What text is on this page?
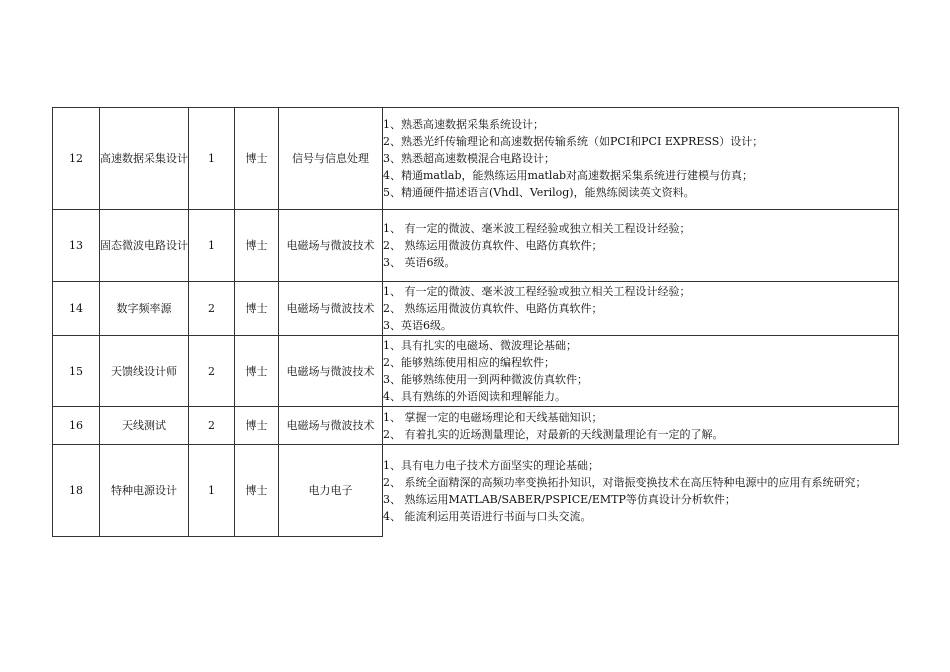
12	高速数据采集设计	1	博士	信号与信息处理	1、熟悉高速数据采集系统设计；
2、熟悉光纤传输理论和高速数据传输系统（如PCI和PCI EXPRESS）设计；
3、熟悉超高速数模混合电路设计；
4、精通matlab，能熟练运用matlab对高速数据采集系统进行建模与仿真；
5、精通硬件描述语言(Vhdl、Verilog)，能熟练阅读英文资料。

13	固态微波电路设计	1	博士	电磁场与微波技术	1、 有一定的微波、毫米波工程经验或独立相关工程设计经验；
2、 熟练运用微波仿真软件、电路仿真软件；
3、 英语6级。

14	数字频率源	2	博士	电磁场与微波技术	1、 有一定的微波、毫米波工程经验或独立相关工程设计经验；
2、 熟练运用微波仿真软件、电路仿真软件；
3、英语6级。

15	天馈线设计师	2	博士	电磁场与微波技术	1、具有扎实的电磁场、微波理论基础；
2、能够熟练使用相应的编程软件；
3、能够熟练使用一到两种微波仿真软件；
4、具有熟练的外语阅读和理解能力。

16	天线测试	2	博士	电磁场与微波技术	1、 掌握一定的电磁场理论和天线基础知识；
2、 有着扎实的近场测量理论，对最新的天线测量理论有一定的了解。

18	特种电源设计	1	博士	电力电子	1、具有电力电子技术方面坚实的理论基础；
2、 系统全面精深的高频功率变换拓扑知识，对谐振变换技术在高压特种电源中的应用有系统研究；
3、 熟练运用MATLAB/SABER/PSPICE/EMTP等仿真设计分析软件；
4、 能流利运用英语进行书面与口头交流。
